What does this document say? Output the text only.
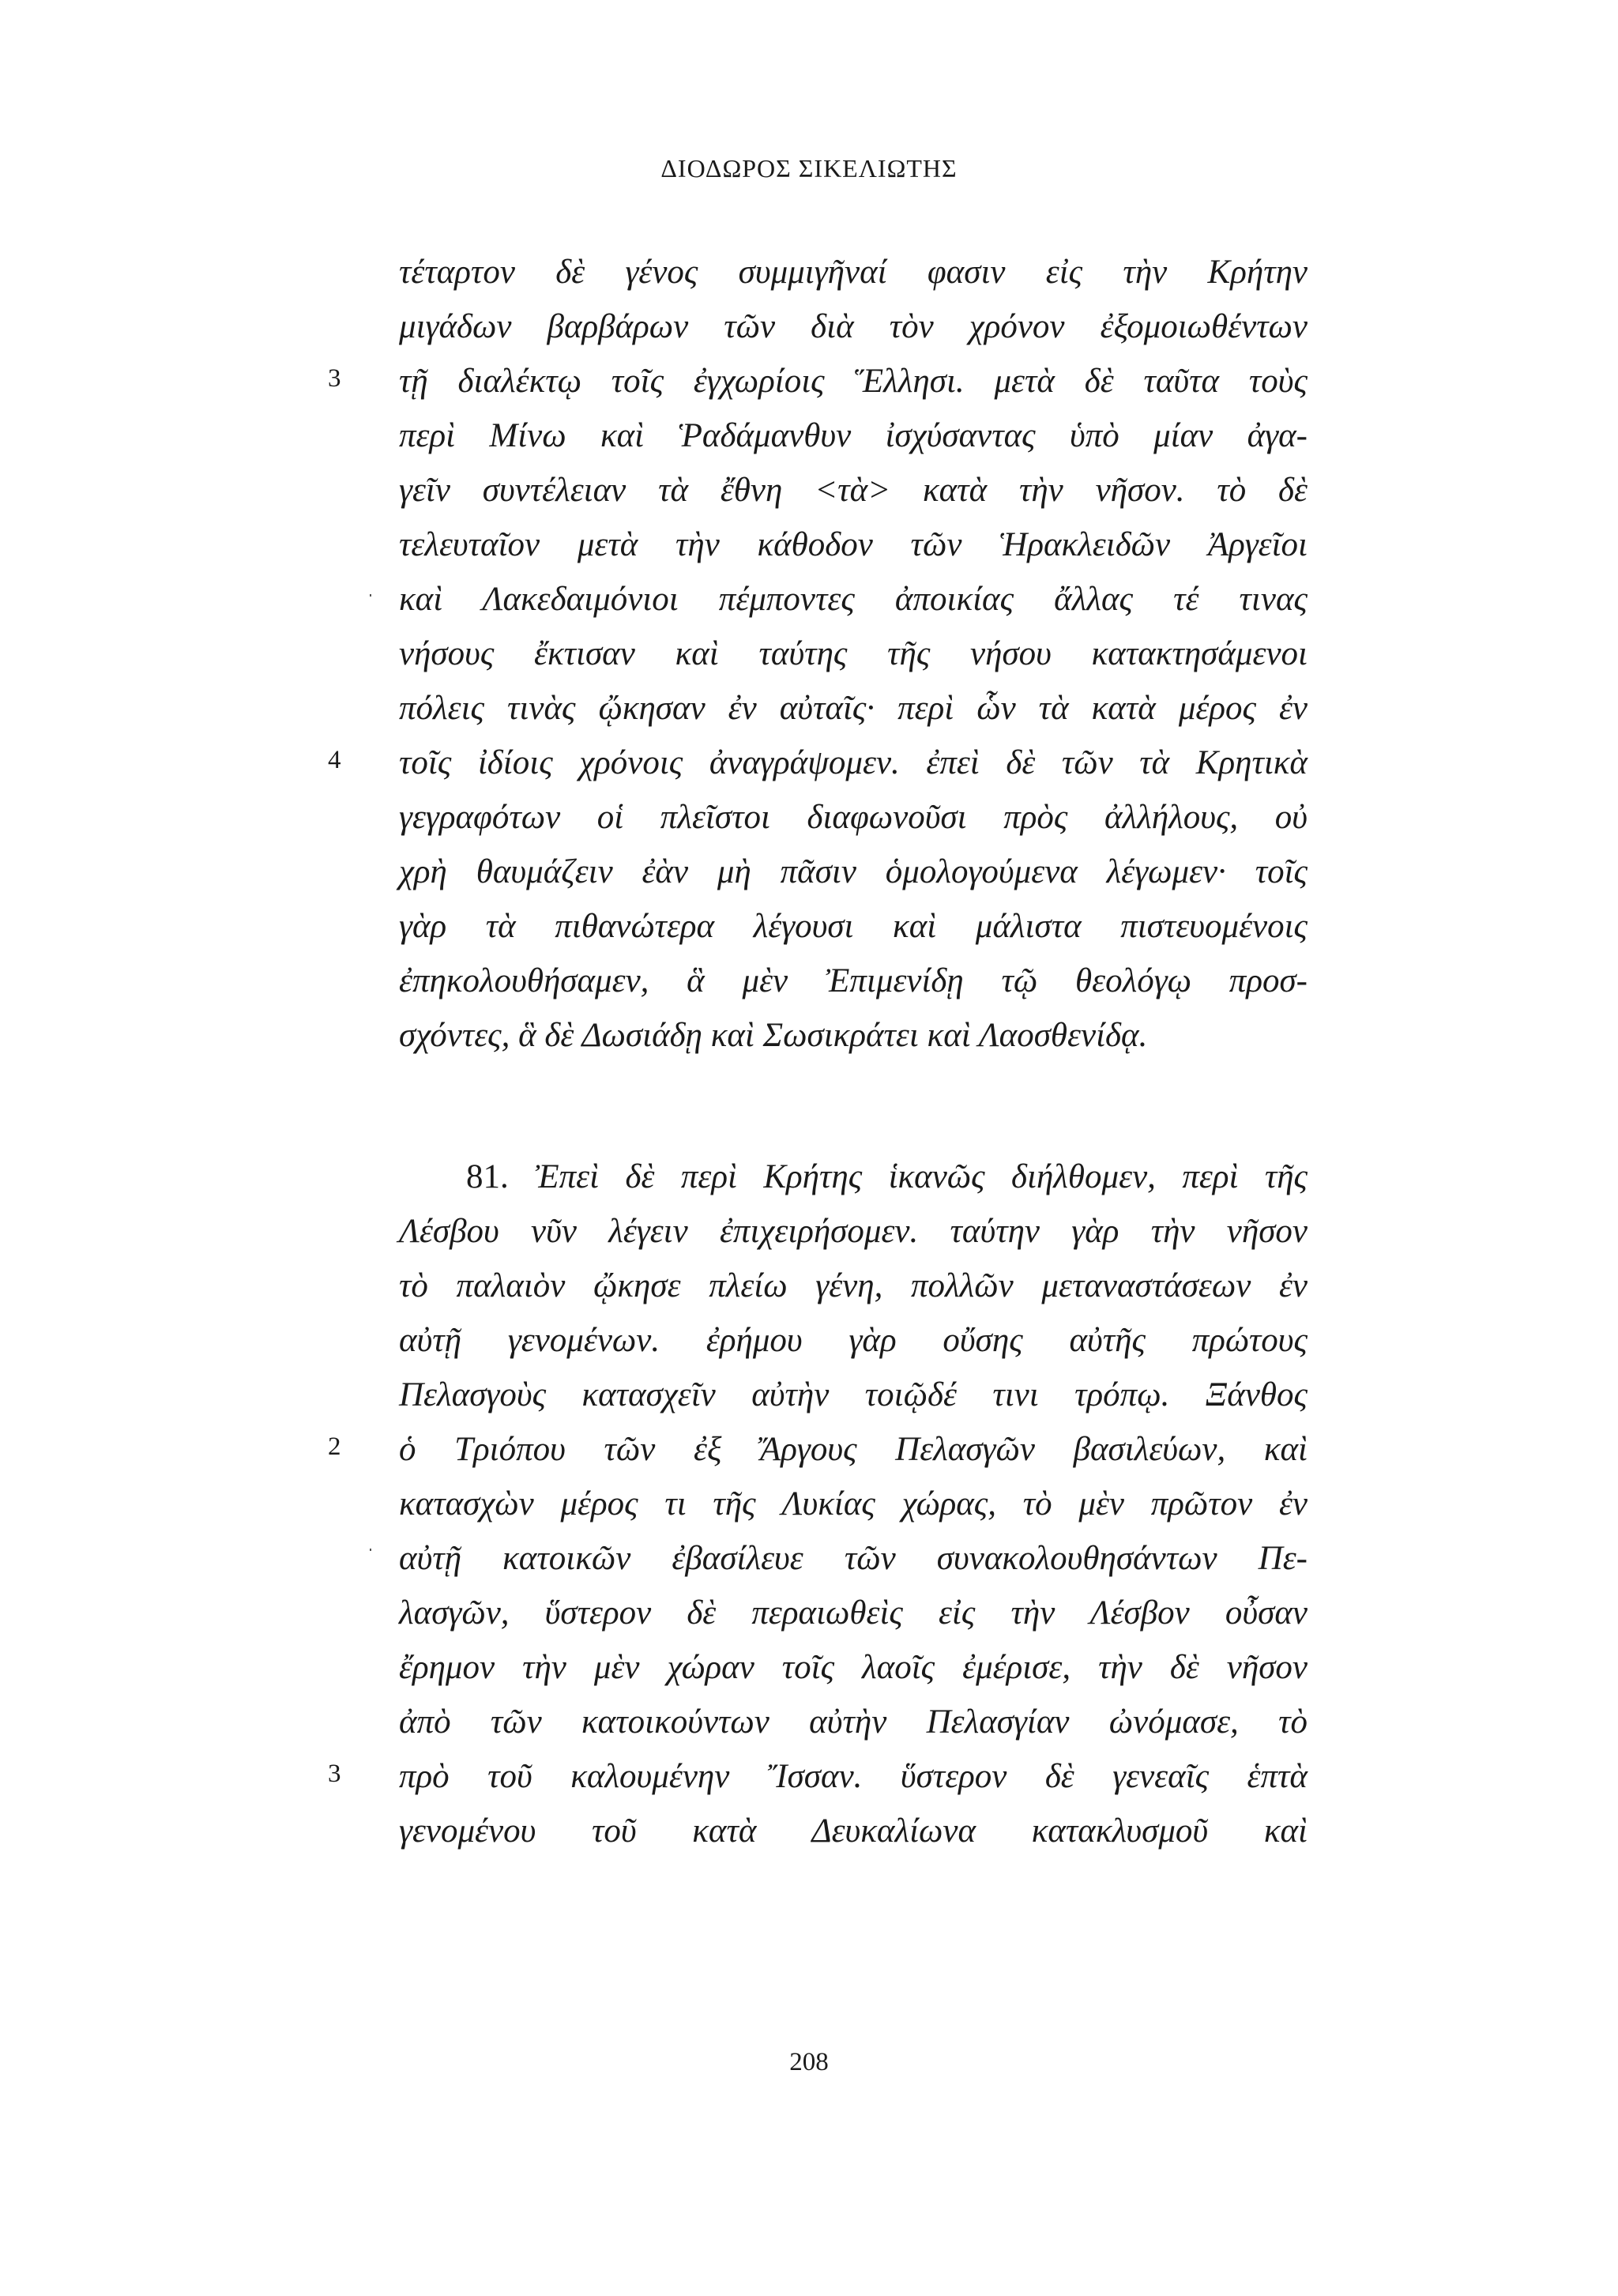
ΔΙΟΔΩΡΟΣ ΣΙΚΕΛΙΩΤΗΣ
τέταρτον δὲ γένος συμμιγῆναί φασιν εἰς τὴν Κρήτην
μιγάδων βαρβάρων τῶν διὰ τὸν χρόνον ἐξομοιωθέντων
τῇ διαλέκτῳ τοῖς ἐγχωρίοις Ἕλλησι. μετὰ δὲ ταῦτα τοὺς
περὶ Μίνω καὶ Ῥαδάμανθυν ἰσχύσαντας ὑπὸ μίαν ἀγα-
γεῖν συντέλειαν τὰ ἔθνη <τὰ> κατὰ τὴν νῆσον. τὸ δὲ
τελευταῖον μετὰ τὴν κάθοδον τῶν Ἡρακλειδῶν Ἀργεῖοι
καὶ Λακεδαιμόνιοι πέμποντες ἀποικίας ἄλλας τέ τινας
νήσους ἔκτισαν καὶ ταύτης τῆς νήσου κατακτησάμενοι
πόλεις τινὰς ᾤκησαν ἐν αὐταῖς· περὶ ὧν τὰ κατὰ μέρος ἐν
τοῖς ἰδίοις χρόνοις ἀναγράψομεν. ἐπεὶ δὲ τῶν τὰ Κρητικὰ
γεγραφότων οἱ πλεῖστοι διαφωνοῦσι πρὸς ἀλλήλους, οὐ
χρὴ θαυμάζειν ἐὰν μὴ πᾶσιν ὁμολογούμενα λέγωμεν· τοῖς
γὰρ τὰ πιθανώτερα λέγουσι καὶ μάλιστα πιστευομένοις
ἐπηκολουθήσαμεν, ἃ μὲν Ἐπιμενίδῃ τῷ θεολόγῳ προσ-
σχόντες, ἃ δὲ Δωσιάδῃ καὶ Σωσικράτει καὶ Λαοσθενίδᾳ.
3
4
81. Ἐπεὶ δὲ περὶ Κρήτης ἱκανῶς διήλθομεν, περὶ τῆς
Λέσβου νῦν λέγειν ἐπιχειρήσομεν. ταύτην γὰρ τὴν νῆσον
τὸ παλαιὸν ᾤκησε πλείω γένη, πολλῶν μεταναστάσεων ἐν
αὐτῇ γενομένων. ἐρήμου γὰρ οὔσης αὐτῆς πρώτους
Πελασγοὺς κατασχεῖν αὐτὴν τοιῷδέ τινι τρόπῳ. Ξάνθος
ὁ Τριόπου τῶν ἐξ Ἄργους Πελασγῶν βασιλεύων, καὶ
κατασχὼν μέρος τι τῆς Λυκίας χώρας, τὸ μὲν πρῶτον ἐν
αὐτῇ κατοικῶν ἐβασίλευε τῶν συνακολουθησάντων Πε-
λασγῶν, ὕστερον δὲ περαιωθεὶς εἰς τὴν Λέσβον οὖσαν
ἔρημον τὴν μὲν χώραν τοῖς λαοῖς ἐμέρισε, τὴν δὲ νῆσον
ἀπὸ τῶν κατοικούντων αὐτὴν Πελασγίαν ὠνόμασε, τὸ
πρὸ τοῦ καλουμένην Ἴσσαν. ὕστερον δὲ γενεαῖς ἑπτὰ
γενομένου τοῦ κατὰ Δευκαλίωνα κατακλυσμοῦ καὶ
2
3
208
